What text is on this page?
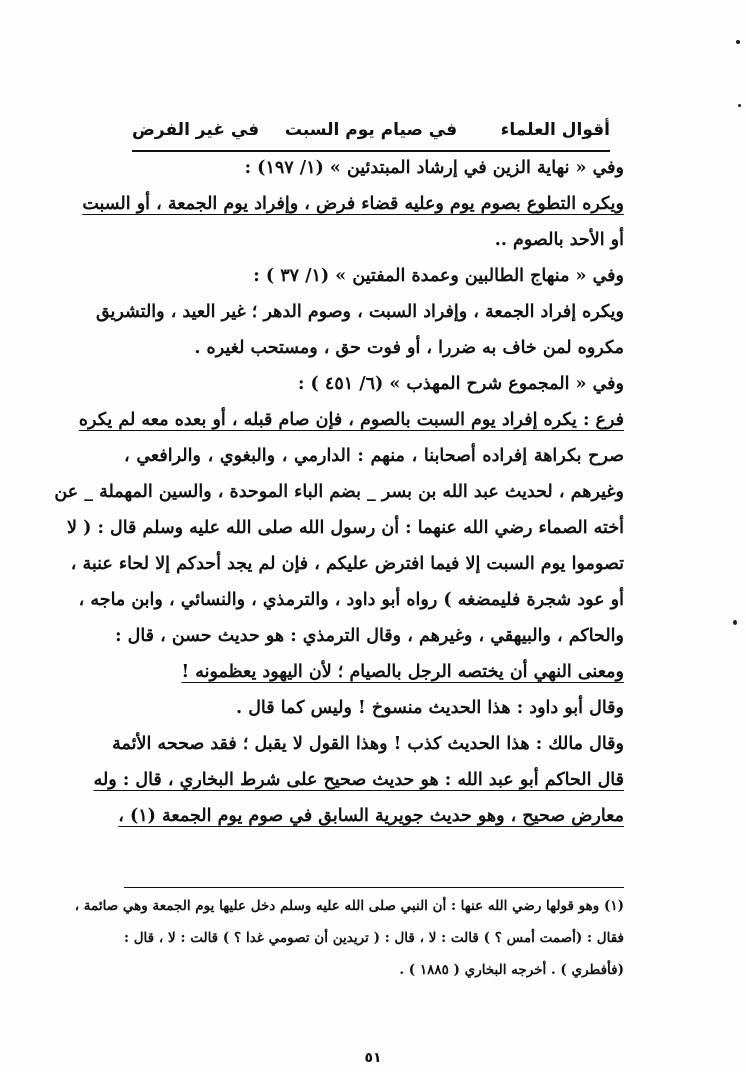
أقوال العلماء
في صيام يوم السبت
في غير الفرض
وفي « نهاية الزين في إرشاد المبتدئين » (١/ ١٩٧) :
ويكره التطوع بصوم يوم وعليه قضاء فرض ، وإفراد يوم الجمعة ، أو السبت
أو الأحد بالصوم ..
وفي « منهاج الطالبين وعمدة المفتين » (١/ ٣٧ ) :
ويكره إفراد الجمعة ، وإفراد السبت ، وصوم الدهر ؛ غير العيد ، والتشريق
مكروه لمن خاف به ضررا ، أو فوت حق ، ومستحب لغيره .
وفي « المجموع شرح المهذب » (٦/ ٤٥١ ) :
فرع : يكره إفراد يوم السبت بالصوم ، فإن صام قبله ، أو بعده معه لم يكره
صرح بكراهة إفراده أصحابنا ، منهم : الدارمي ، والبغوي ، والرافعي ،
وغيرهم ، لحديث عبد الله بن بسر _ بضم الباء الموحدة ، والسين المهملة _ عن
أخته الصماء رضي الله عنهما : أن رسول الله صلى الله عليه وسلم قال : ( لا
تصوموا يوم السبت إلا فيما افترض عليكم ، فإن لم يجد أحدكم إلا لحاء عنبة ،
أو عود شجرة فليمضغه ) رواه أبو داود ، والترمذي ، والنسائي ، وابن ماجه ،
والحاكم ، والبيهقي ، وغيرهم ، وقال الترمذي : هو حديث حسن ، قال :
ومعنى النهي أن يختصه الرجل بالصيام ؛ لأن اليهود يعظمونه !
وقال أبو داود : هذا الحديث منسوخ ! وليس كما قال .
وقال مالك : هذا الحديث كذب ! وهذا القول لا يقبل ؛ فقد صححه الأئمة
قال الحاكم أبو عبد الله : هو حديث صحيح على شرط البخاري ، قال : وله
معارض صحيح ، وهو حديث جويرية السابق في صوم يوم الجمعة (١) ،
(١) وهو قولها رضي الله عنها : أن النبي صلى الله عليه وسلم دخل عليها يوم الجمعة وهي صائمة ،
فقال : (أصمت أمس ؟ ) قالت : لا ، قال : ( تريدين أن تصومي غدا ؟ ) قالت : لا ، قال :
(فأفطري ) . أخرجه البخاري ( ١٨٨٥ ) .
٥١
